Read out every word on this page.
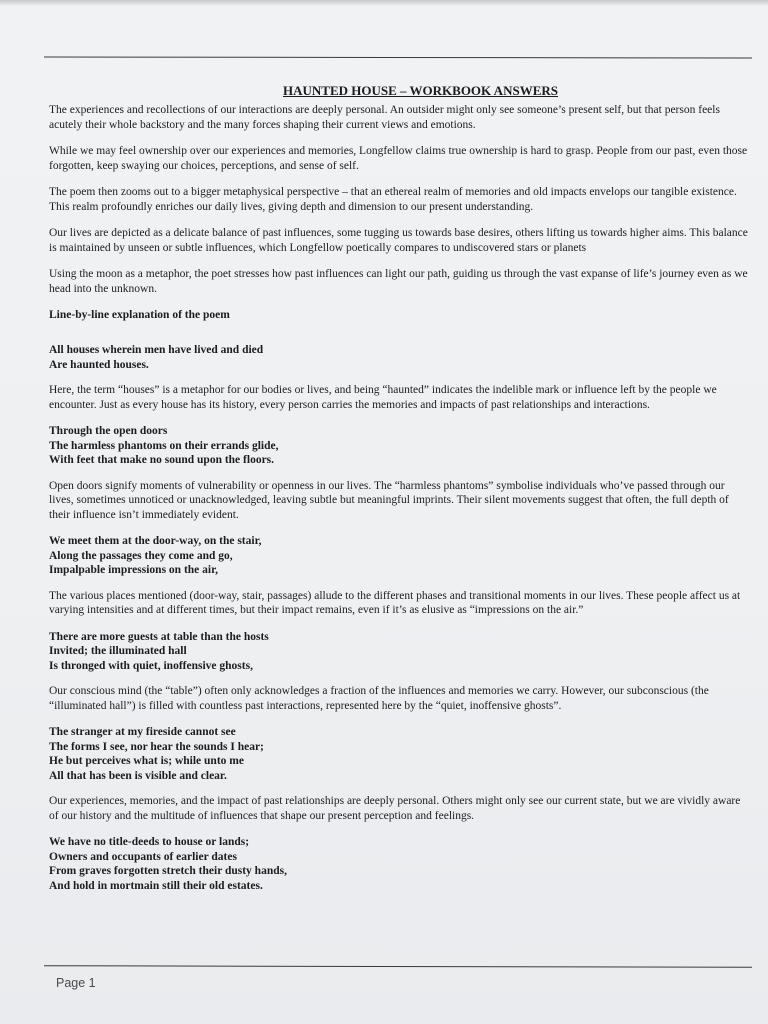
HAUNTED HOUSE – WORKBOOK ANSWERS

The experiences and recollections of our interactions are deeply personal. An outsider might only see someone’s present self, but that person feels acutely their whole backstory and the many forces shaping their current views and emotions.

While we may feel ownership over our experiences and memories, Longfellow claims true ownership is hard to grasp. People from our past, even those forgotten, keep swaying our choices, perceptions, and sense of self.

The poem then zooms out to a bigger metaphysical perspective – that an ethereal realm of memories and old impacts envelops our tangible existence. This realm profoundly enriches our daily lives, giving depth and dimension to our present understanding.

Our lives are depicted as a delicate balance of past influences, some tugging us towards base desires, others lifting us towards higher aims. This balance is maintained by unseen or subtle influences, which Longfellow poetically compares to undiscovered stars or planets

Using the moon as a metaphor, the poet stresses how past influences can light our path, guiding us through the vast expanse of life’s journey even as we head into the unknown.

Line-by-line explanation of the poem
All houses wherein men have lived and died
Are haunted houses.

Here, the term “houses” is a metaphor for our bodies or lives, and being “haunted” indicates the indelible mark or influence left by the people we encounter. Just as every house has its history, every person carries the memories and impacts of past relationships and interactions.

Through the open doors
The harmless phantoms on their errands glide,
With feet that make no sound upon the floors.

Open doors signify moments of vulnerability or openness in our lives. The “harmless phantoms” symbolise individuals who’ve passed through our lives, sometimes unnoticed or unacknowledged, leaving subtle but meaningful imprints. Their silent movements suggest that often, the full depth of their influence isn’t immediately evident.

We meet them at the door-way, on the stair,
Along the passages they come and go,
Impalpable impressions on the air,

The various places mentioned (door-way, stair, passages) allude to the different phases and transitional moments in our lives. These people affect us at varying intensities and at different times, but their impact remains, even if it’s as elusive as “impressions on the air.”

There are more guests at table than the hosts
Invited; the illuminated hall
Is thronged with quiet, inoffensive ghosts,

Our conscious mind (the “table”) often only acknowledges a fraction of the influences and memories we carry. However, our subconscious (the “illuminated hall”) is filled with countless past interactions, represented here by the “quiet, inoffensive ghosts”.

The stranger at my fireside cannot see
The forms I see, nor hear the sounds I hear;
He but perceives what is; while unto me
All that has been is visible and clear.

Our experiences, memories, and the impact of past relationships are deeply personal. Others might only see our current state, but we are vividly aware of our history and the multitude of influences that shape our present perception and feelings.

We have no title-deeds to house or lands;
Owners and occupants of earlier dates
From graves forgotten stretch their dusty hands,
And hold in mortmain still their old estates.
Page 1
